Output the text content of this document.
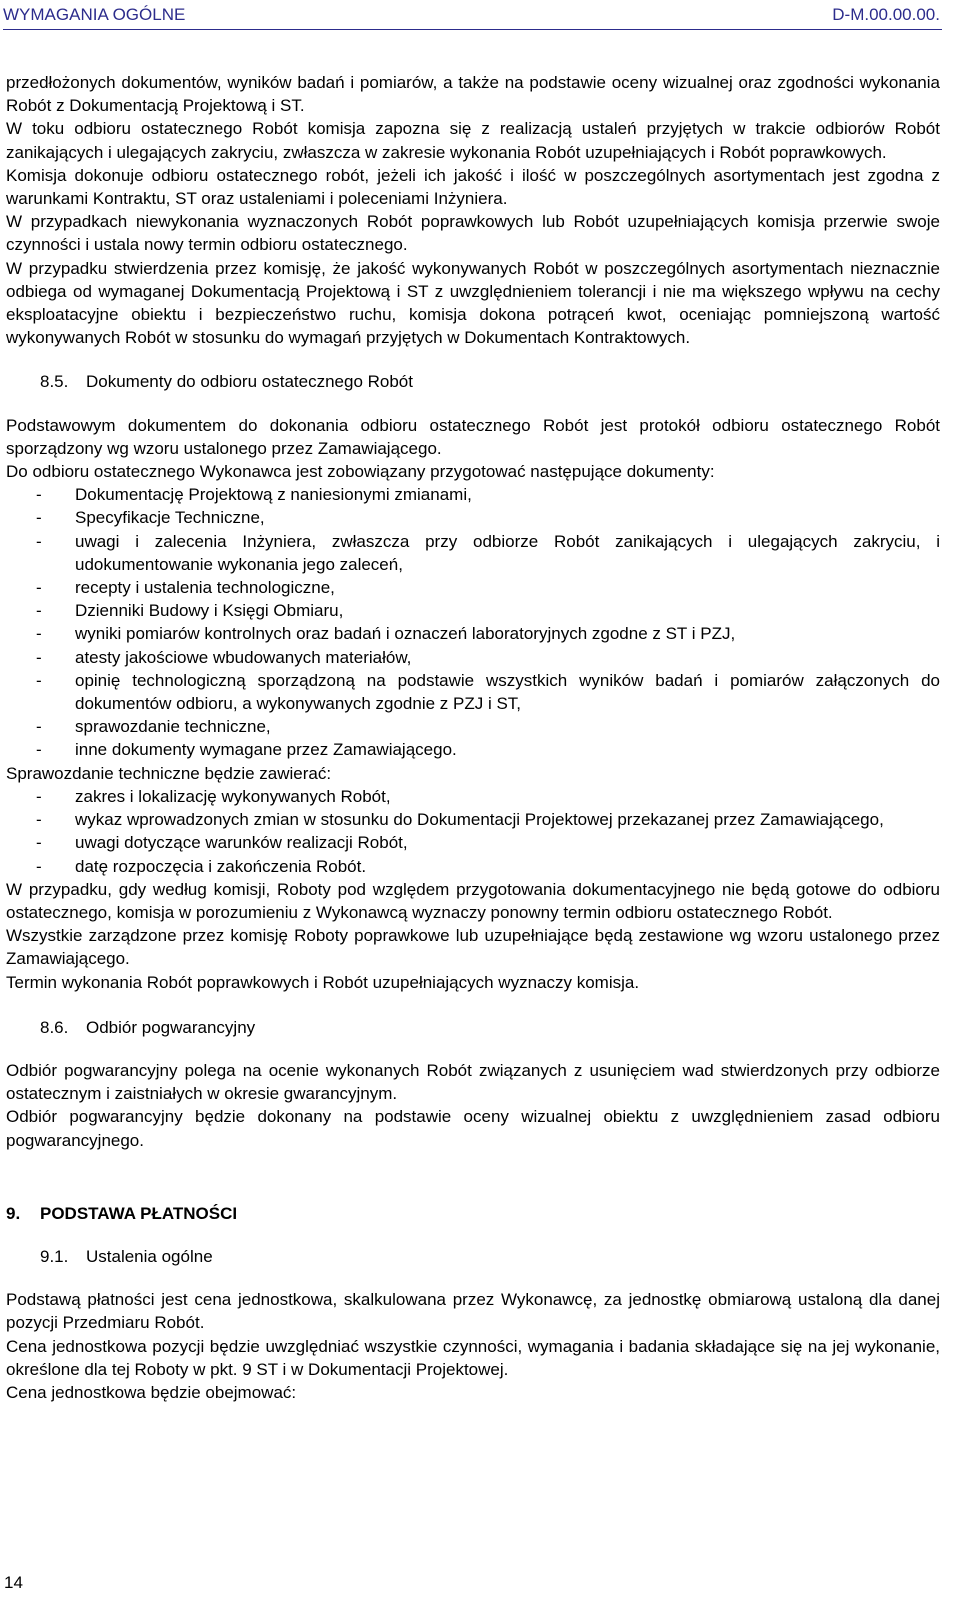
WYMAGANIA OGÓLNE	D-M.00.00.00.

przedłożonych dokumentów, wyników badań i pomiarów, a także na podstawie oceny wizualnej oraz zgodności wykonania Robót z Dokumentacją Projektową i ST.

W toku odbioru ostatecznego Robót komisja zapozna się z realizacją ustaleń przyjętych w trakcie odbiorów Robót zanikających i ulegających zakryciu, zwłaszcza w zakresie wykonania Robót uzupełniających i Robót poprawkowych.

Komisja dokonuje odbioru ostatecznego robót, jeżeli ich jakość i ilość w poszczególnych asortymentach jest zgodna z warunkami Kontraktu, ST oraz ustaleniami i poleceniami Inżyniera.

W przypadkach niewykonania wyznaczonych Robót poprawkowych lub Robót uzupełniających komisja przerwie swoje czynności i ustala nowy termin odbioru ostatecznego.

W przypadku stwierdzenia przez komisję, że jakość wykonywanych Robót w poszczególnych asortymentach nieznacznie odbiega od wymaganej Dokumentacją Projektową i ST z uwzględnieniem tolerancji i nie ma większego wpływu na cechy eksploatacyjne obiektu i bezpieczeństwo ruchu, komisja dokona potrąceń kwot, oceniając pomniejszoną wartość wykonywanych Robót w stosunku do wymagań przyjętych w Dokumentach Kontraktowych.

8.5. Dokumenty do odbioru ostatecznego Robót

Podstawowym dokumentem do dokonania odbioru ostatecznego Robót jest protokół odbioru ostatecznego Robót sporządzony wg wzoru ustalonego przez Zamawiającego.

Do odbioru ostatecznego Wykonawca jest zobowiązany przygotować następujące dokumenty:

- Dokumentację Projektową z naniesionymi zmianami,
- Specyfikacje Techniczne,
- uwagi i zalecenia Inżyniera, zwłaszcza przy odbiorze Robót zanikających i ulegających zakryciu, i udokumentowanie wykonania jego zaleceń,
- recepty i ustalenia technologiczne,
- Dzienniki Budowy i Księgi Obmiaru,
- wyniki pomiarów kontrolnych oraz badań i oznaczeń laboratoryjnych zgodne z ST i PZJ,
- atesty jakościowe wbudowanych materiałów,
- opinię technologiczną sporządzoną na podstawie wszystkich wyników badań i pomiarów załączonych do dokumentów odbioru, a wykonywanych zgodnie z PZJ i ST,
- sprawozdanie techniczne,
- inne dokumenty wymagane przez Zamawiającego.

Sprawozdanie techniczne będzie zawierać:

- zakres i lokalizację wykonywanych Robót,
- wykaz wprowadzonych zmian w stosunku do Dokumentacji Projektowej przekazanej przez Zamawiającego,
- uwagi dotyczące warunków realizacji Robót,
- datę rozpoczęcia i zakończenia Robót.

W przypadku, gdy według komisji, Roboty pod względem przygotowania dokumentacyjnego nie będą gotowe do odbioru ostatecznego, komisja w porozumieniu z Wykonawcą wyznaczy ponowny termin odbioru ostatecznego Robót.

Wszystkie zarządzone przez komisję Roboty poprawkowe lub uzupełniające będą zestawione wg wzoru ustalonego przez Zamawiającego.

Termin wykonania Robót poprawkowych i Robót uzupełniających wyznaczy komisja.

8.6. Odbiór pogwarancyjny

Odbiór pogwarancyjny polega na ocenie wykonanych Robót związanych z usunięciem wad stwierdzonych przy odbiorze ostatecznym i zaistniałych w okresie gwarancyjnym.

Odbiór pogwarancyjny będzie dokonany na podstawie oceny wizualnej obiektu z uwzględnieniem zasad odbioru pogwarancyjnego.

9. PODSTAWA PŁATNOŚCI
9.1. Ustalenia ogólne

Podstawą płatności jest cena jednostkowa, skalkulowana przez Wykonawcę, za jednostkę obmiarową ustaloną dla danej pozycji Przedmiaru Robót.

Cena jednostkowa pozycji będzie uwzględniać wszystkie czynności, wymagania i badania składające się na jej wykonanie, określone dla tej Roboty w pkt. 9 ST i w Dokumentacji Projektowej.

Cena jednostkowa będzie obejmować:

14
